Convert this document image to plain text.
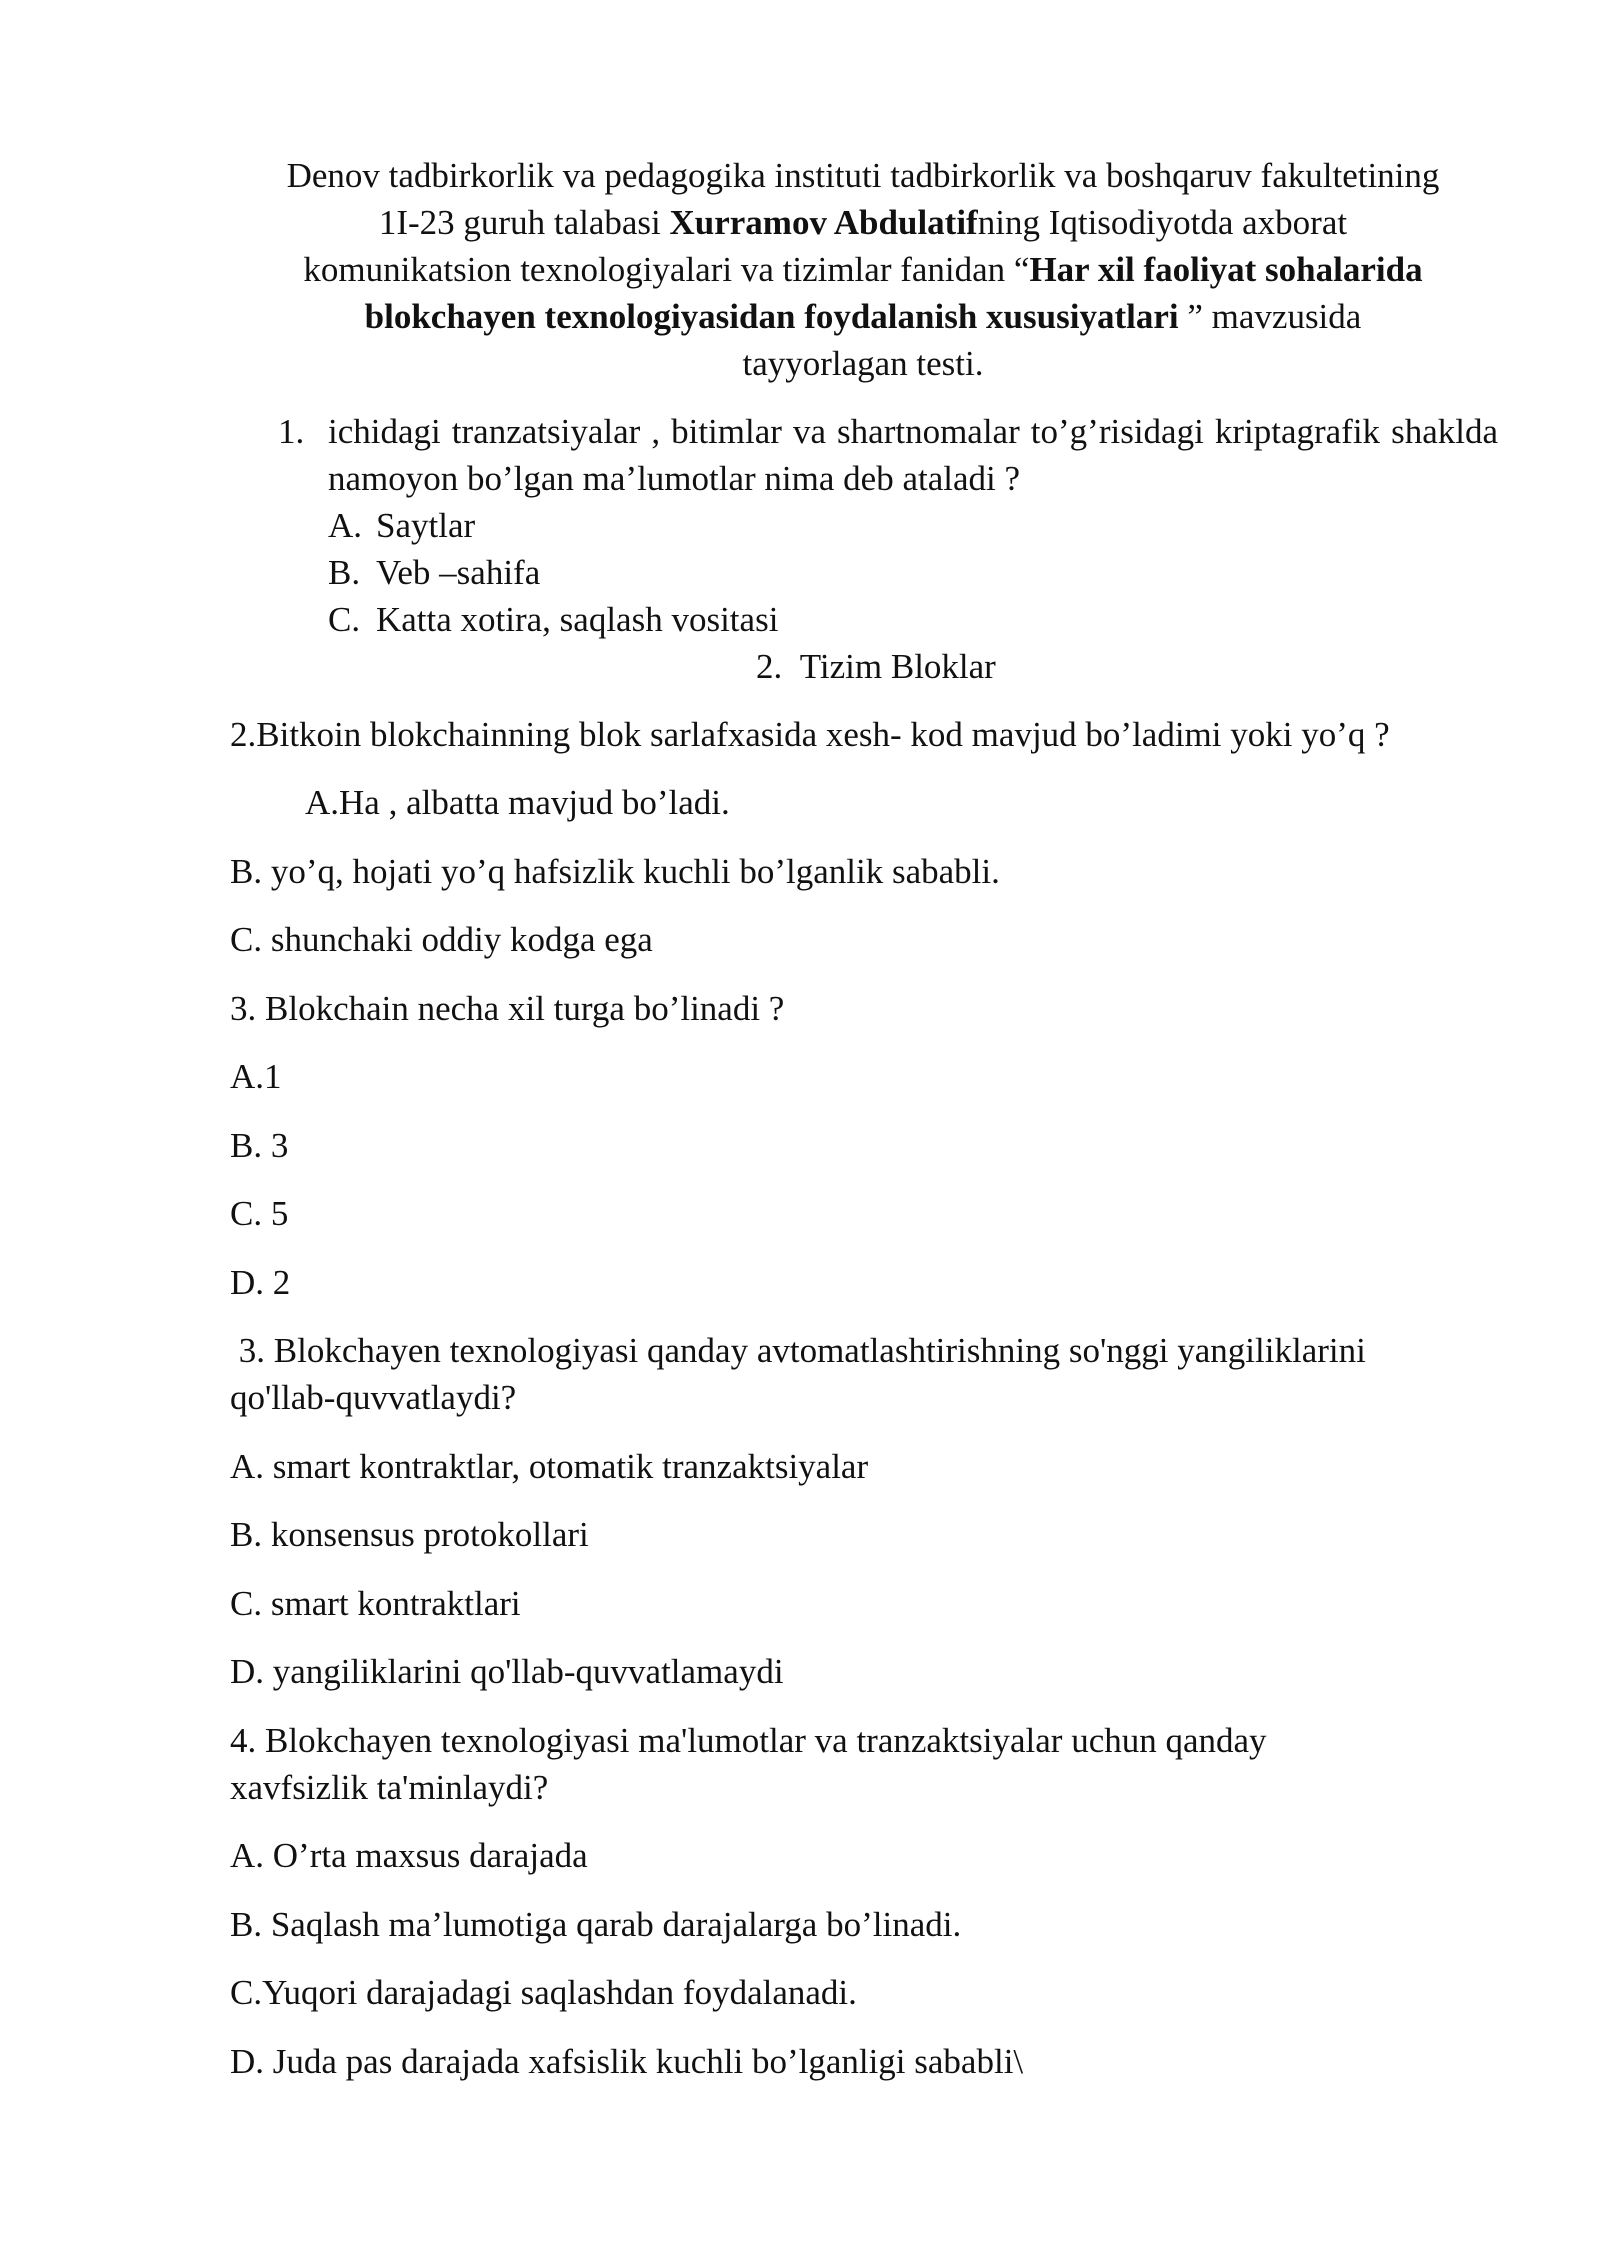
Denov tadbirkorlik va pedagogika instituti tadbirkorlik va boshqaruv fakultetining
1I-23 guruh talabasi Xurramov Abdulatifning Iqtisodiyotda axborat
komunikatsion texnologiyalari va tizimlar fanidan “Har xil faoliyat sohalarida
blokchayen texnologiyasidan foydalanish xususiyatlari ” mavzusida
tayyorlagan testi.
1. ichidagi tranzatsiyalar , bitimlar va shartnomalar to’g’risidagi kriptagrafik shaklda namoyon bo’lgan ma’lumotlar nima deb ataladi ?
A. Saytlar
B. Veb –sahifa
C. Katta xotira, saqlash vositasi
2. Tizim Bloklar
2.Bitkoin blokchainning blok sarlafxasida xesh- kod mavjud bo’ladimi yoki yo’q ?
A.Ha , albatta mavjud bo’ladi.
B. yo’q, hojati yo’q hafsizlik kuchli bo’lganlik sababli.
C. shunchaki oddiy kodga ega
3. Blokchain necha xil turga bo’linadi ?
A.1
B. 3
C. 5
D. 2
3. Blokchayen texnologiyasi qanday avtomatlashtirishning so'nggi yangiliklarini
qo'llab-quvvatlaydi?
A. smart kontraktlar, otomatik tranzaktsiyalar
B. konsensus protokollari
C. smart kontraktlari
D. yangiliklarini qo'llab-quvvatlamaydi
4. Blokchayen texnologiyasi ma'lumotlar va tranzaktsiyalar uchun qanday
xavfsizlik ta'minlaydi?
A. O’rta maxsus darajada
B. Saqlash ma’lumotiga qarab darajalarga bo’linadi.
C.Yuqori darajadagi saqlashdan foydalanadi.
D. Juda pas darajada xafsislik kuchli bo’lganligi sababli\
